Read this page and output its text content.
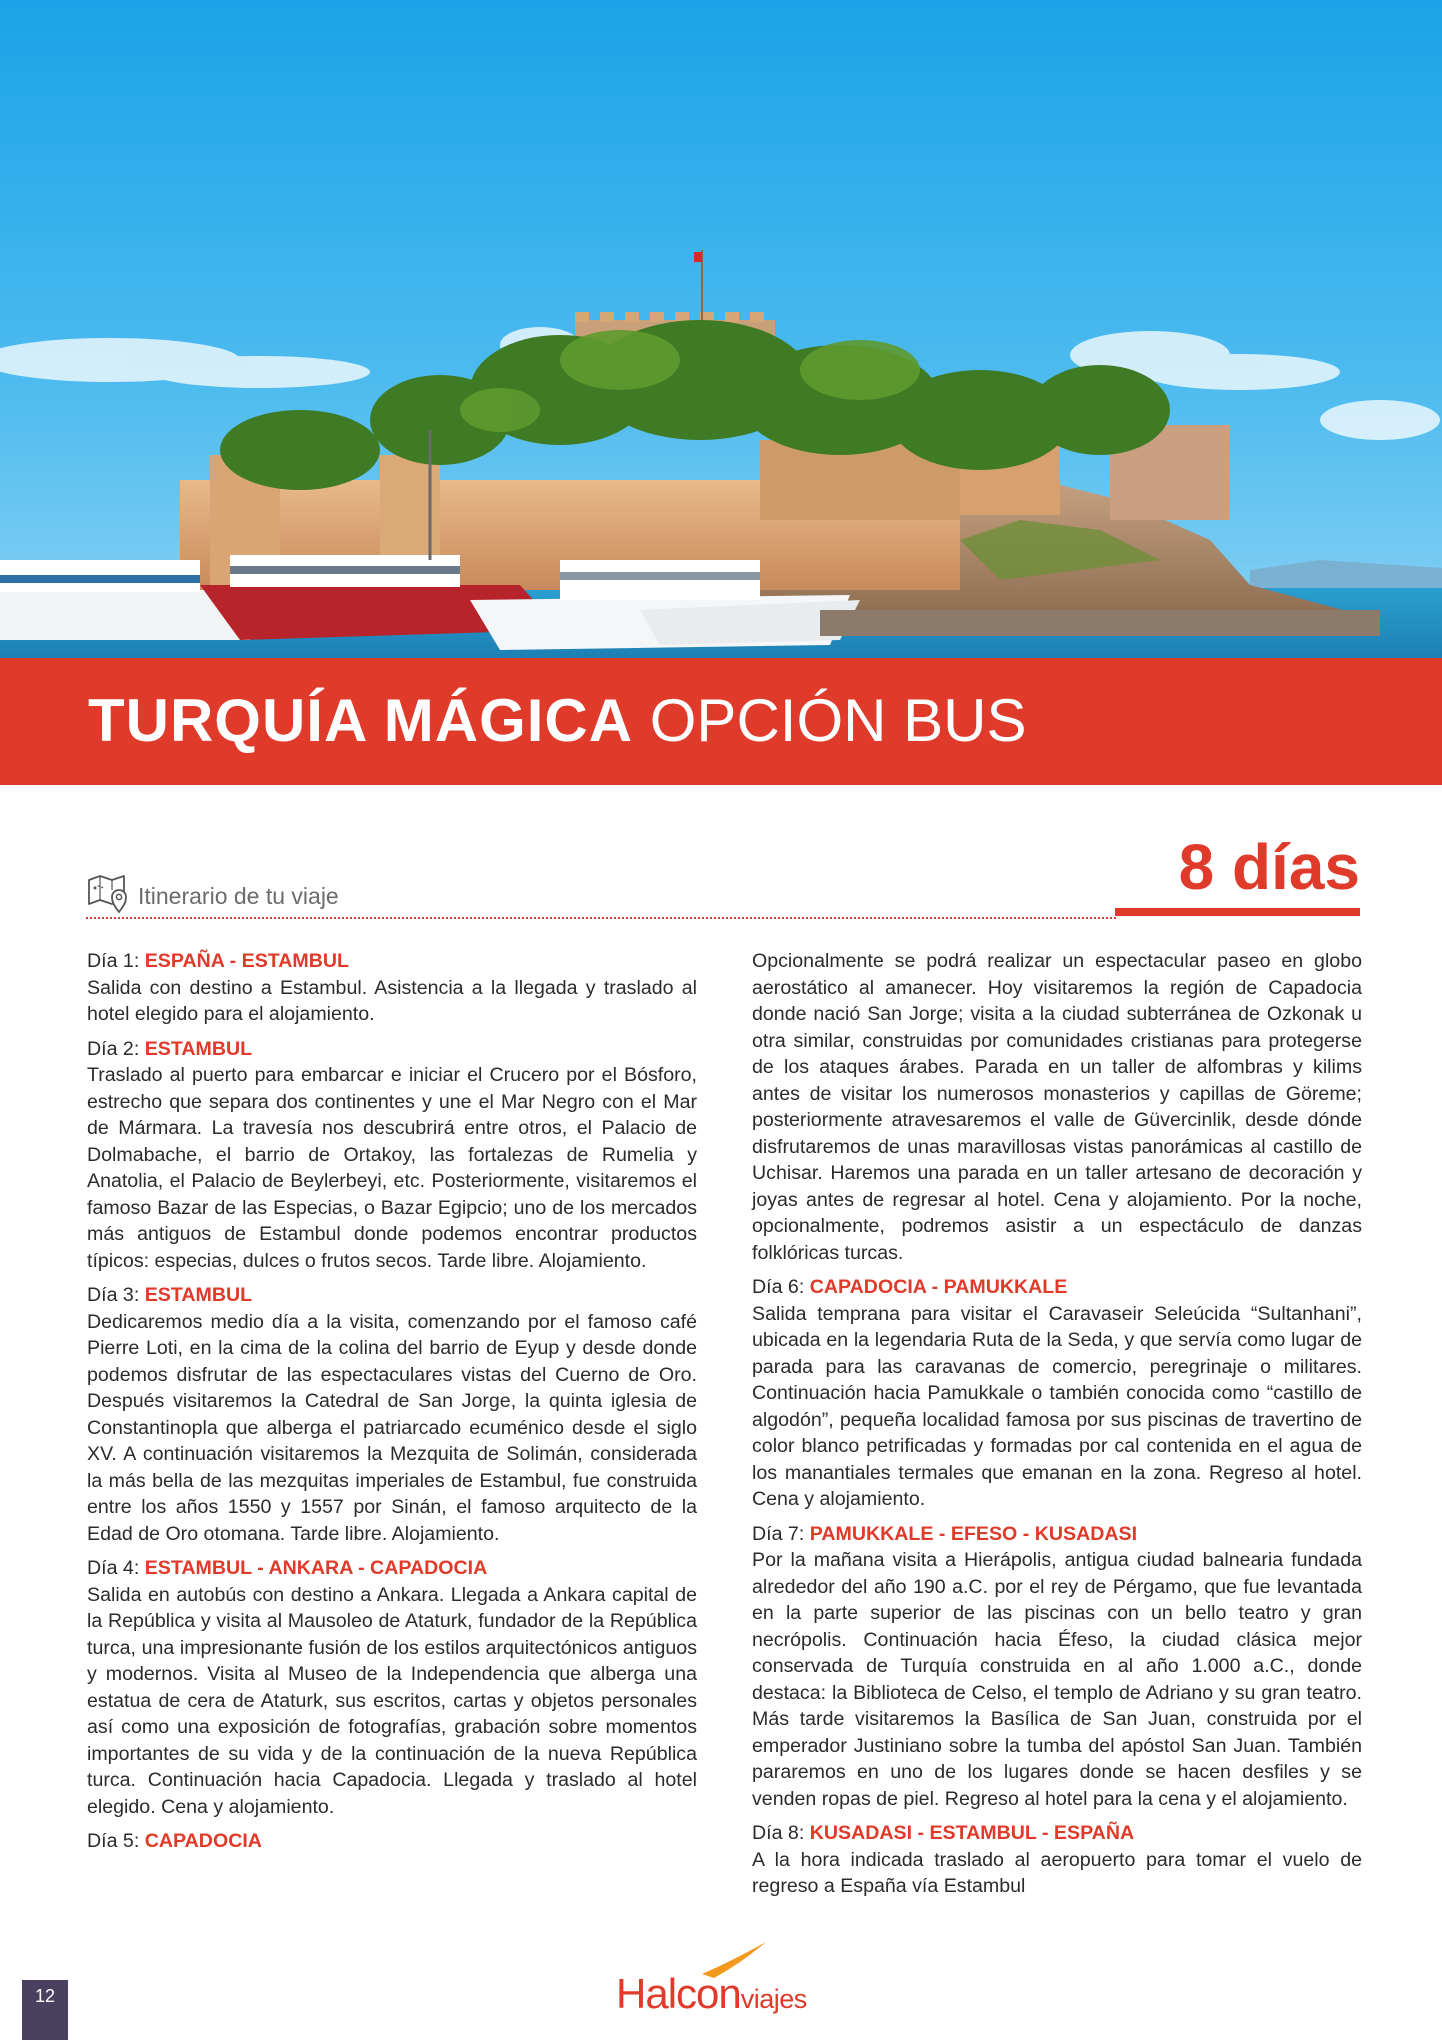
TURQUÍA MÁGICA OPCIÓN BUS
Itinerario de tu viaje	8 días
Día 1: ESPAÑA - ESTAMBUL
Salida con destino a Estambul. Asistencia a la llegada y traslado al hotel elegido para el alojamiento.
Día 2: ESTAMBUL
Traslado al puerto para embarcar e iniciar el Crucero por el Bósforo, estrecho que separa dos continentes y une el Mar Negro con el Mar de Mármara. La travesía nos descubrirá entre otros, el Palacio de Dolmabache, el barrio de Ortakoy, las fortalezas de Rumelia y Anatolia, el Palacio de Beylerbeyi, etc. Posteriormente, visitaremos el famoso Bazar de las Especias, o Bazar Egipcio; uno de los mercados más antiguos de Estambul donde podemos encontrar productos típicos: especias, dulces o frutos secos. Tarde libre. Alojamiento.
Día 3: ESTAMBUL
Dedicaremos medio día a la visita, comenzando por el famoso café Pierre Loti, en la cima de la colina del barrio de Eyup y desde donde podemos disfrutar de las espectaculares vistas del Cuerno de Oro. Después visitaremos la Catedral de San Jorge, la quinta iglesia de Constantinopla que alberga el patriarcado ecuménico desde el siglo XV. A continuación visitaremos la Mezquita de Solimán, considerada la más bella de las mezquitas imperiales de Estambul, fue construida entre los años 1550 y 1557 por Sinán, el famoso arquitecto de la Edad de Oro otomana. Tarde libre. Alojamiento.
Día 4: ESTAMBUL - ANKARA - CAPADOCIA
Salida en autobús con destino a Ankara. Llegada a Ankara capital de la República y visita al Mausoleo de Ataturk, fundador de la República turca, una impresionante fusión de los estilos arquitectónicos antiguos y modernos. Visita al Museo de la Independencia que alberga una estatua de cera de Ataturk, sus escritos, cartas y objetos personales así como una exposición de fotografías, grabación sobre momentos importantes de su vida y de la continuación de la nueva República turca. Continuación hacia Capadocia. Llegada y traslado al hotel elegido. Cena y alojamiento.
Día 5: CAPADOCIA
Opcionalmente se podrá realizar un espectacular paseo en globo aerostático al amanecer. Hoy visitaremos la región de Capadocia donde nació San Jorge; visita a la ciudad subterránea de Ozkonak u otra similar, construidas por comunidades cristianas para protegerse de los ataques árabes. Parada en un taller de alfombras y kilims antes de visitar los numerosos monasterios y capillas de Göreme; posteriormente atravesaremos el valle de Güvercinlik, desde dónde disfrutaremos de unas maravillosas vistas panorámicas al castillo de Uchisar. Haremos una parada en un taller artesano de decoración y joyas antes de regresar al hotel. Cena y alojamiento. Por la noche, opcionalmente, podremos asistir a un espectáculo de danzas folklóricas turcas.
Día 6: CAPADOCIA - PAMUKKALE
Salida temprana para visitar el Caravaseir Seleúcida “Sultanhani”, ubicada en la legendaria Ruta de la Seda, y que servía como lugar de parada para las caravanas de comercio, peregrinaje o militares. Continuación hacia Pamukkale o también conocida como “castillo de algodón”, pequeña localidad famosa por sus piscinas de travertino de color blanco petrificadas y formadas por cal contenida en el agua de los manantiales termales que emanan en la zona. Regreso al hotel. Cena y alojamiento.
Día 7: PAMUKKALE - EFESO - KUSADASI
Por la mañana visita a Hierápolis, antigua ciudad balnearia fundada alrededor del año 190 a.C. por el rey de Pérgamo, que fue levantada en la parte superior de las piscinas con un bello teatro y gran necrópolis. Continuación hacia Éfeso, la ciudad clásica mejor conservada de Turquía construida en al año 1.000 a.C., donde destaca: la Biblioteca de Celso, el templo de Adriano y su gran teatro. Más tarde visitaremos la Basílica de San Juan, construida por el emperador Justiniano sobre la tumba del apóstol San Juan. También pararemos en uno de los lugares donde se hacen desfiles y se venden ropas de piel. Regreso al hotel para la cena y el alojamiento.
Día 8: KUSADASI - ESTAMBUL - ESPAÑA
A la hora indicada traslado al aeropuerto para tomar el vuelo de regreso a España vía Estambul
12	Halconviajes
